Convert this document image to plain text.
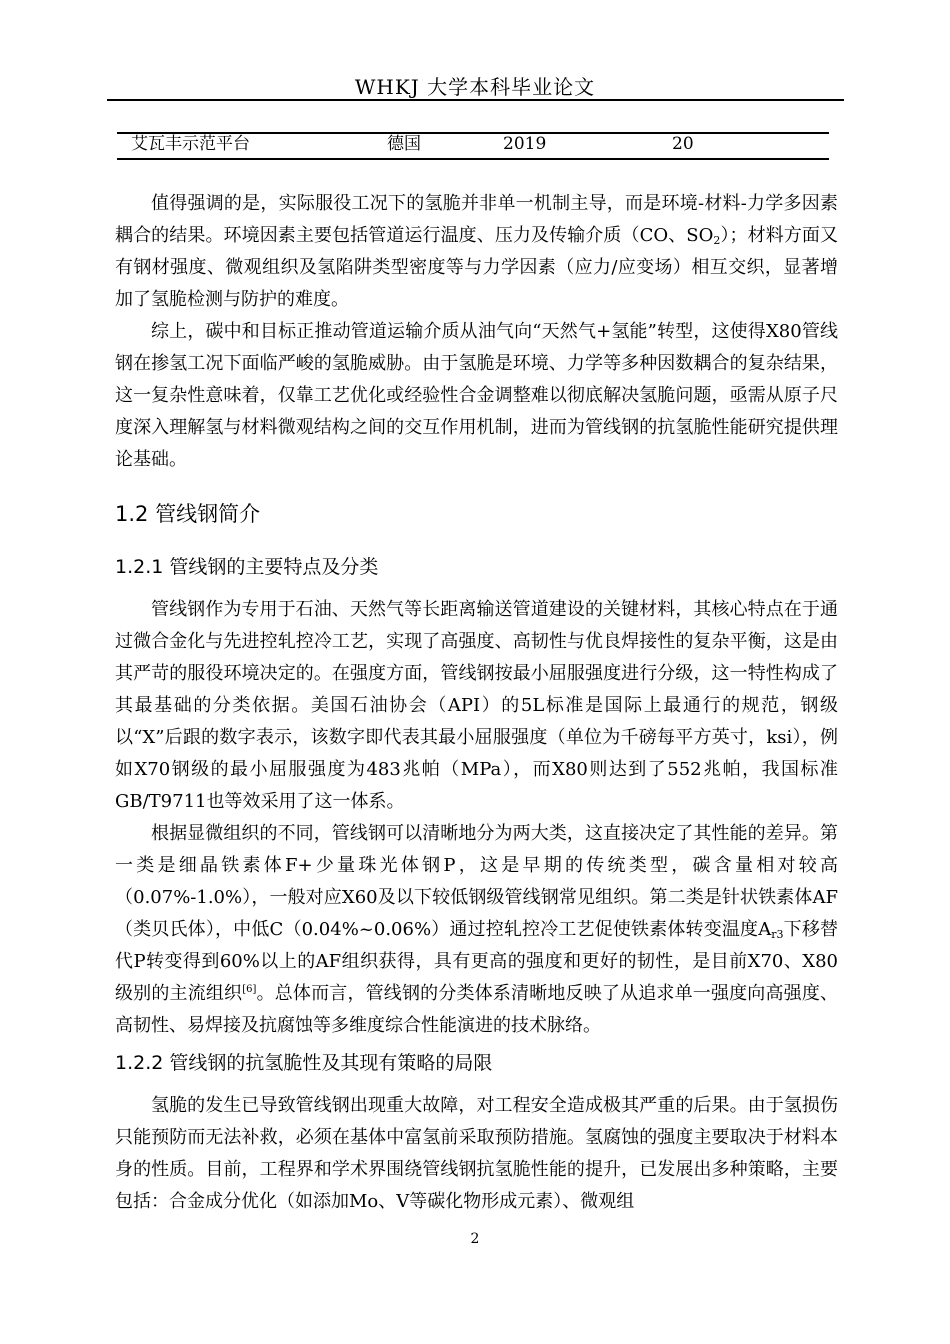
WHKJ 大学本科毕业论文
艾瓦丰示范平台	德国	2019	20

值得强调的是，实际服役工况下的氢脆并非单一机制主导，而是环境-材料-力学多因素耦合的结果。环境因素主要包括管道运行温度、压力及传输介质（CO、$SO_2$）；材料方面又有钢材强度、微观组织及氢陷阱类型密度等与力学因素（应力/应变场）相互交织，显著增加了氢脆检测与防护的难度。

综上，碳中和目标正推动管道运输介质从油气向“天然气+氢能”转型，这使得X80管线钢在掺氢工况下面临严峻的氢脆威胁。由于氢脆是环境、力学等多种因数耦合的复杂结果，这一复杂性意味着，仅靠工艺优化或经验性合金调整难以彻底解决氢脆问题，亟需从原子尺度深入理解氢与材料微观结构之间的交互作用机制，进而为管线钢的抗氢脆性能研究提供理论基础。

1.2 管线钢简介
1.2.1 管线钢的主要特点及分类

管线钢作为专用于石油、天然气等长距离输送管道建设的关键材料，其核心特点在于通过微合金化与先进控轧控冷工艺，实现了高强度、高韧性与优良焊接性的复杂平衡，这是由其严苛的服役环境决定的。在强度方面，管线钢按最小屈服强度进行分级，这一特性构成了其最基础的分类依据。美国石油协会（API）的5L标准是国际上最通行的规范，钢级以“X”后跟的数字表示，该数字即代表其最小屈服强度（单位为千磅每平方英寸，ksi），例如X70钢级的最小屈服强度为483兆帕（MPa），而X80则达到了552兆帕，我国标准GB/T9711也等效采用了这一体系。

根据显微组织的不同，管线钢可以清晰地分为两大类，这直接决定了其性能的差异。第一类是细晶铁素体F+少量珠光体钢P，这是早期的传统类型，碳含量相对较高（0.07%-1.0%），一般对应X60及以下较低钢级管线钢常见组织。第二类是针状铁素体AF（类贝氏体），中低C（0.04%~0.06%）通过控轧控冷工艺促使铁素体转变温度$A_{r3}$下移替代P转变得到60%以上的AF组织获得，具有更高的强度和更好的韧性，是目前X70、X80级别的主流组织[6]。总体而言，管线钢的分类体系清晰地反映了从追求单一强度向高强度、高韧性、易焊接及抗腐蚀等多维度综合性能演进的技术脉络。

1.2.2 管线钢的抗氢脆性及其现有策略的局限

氢脆的发生已导致管线钢出现重大故障，对工程安全造成极其严重的后果。由于氢损伤只能预防而无法补救，必须在基体中富氢前采取预防措施。氢腐蚀的强度主要取决于材料本身的性质。目前，工程界和学术界围绕管线钢抗氢脆性能的提升，已发展出多种策略，主要包括：合金成分优化（如添加Mo、V等碳化物形成元素）、微观组

2
